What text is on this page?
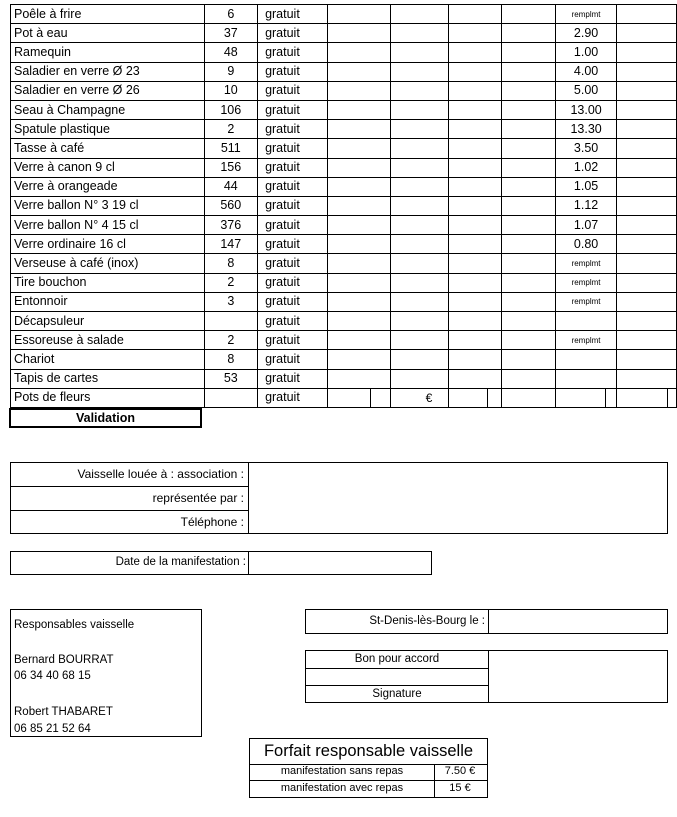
Poêle à frire	6	gratuit					remplmt	
Pot à eau	37	gratuit					2.90	
Ramequin	48	gratuit					1.00	
Saladier en verre Ø 23	9	gratuit					4.00	
Saladier en verre Ø 26	10	gratuit					5.00	
Seau à Champagne	106	gratuit					13.00	
Spatule plastique	2	gratuit					13.30	
Tasse à café	511	gratuit					3.50	
Verre à canon 9 cl	156	gratuit					1.02	
Verre à orangeade	44	gratuit					1.05	
Verre ballon N° 3 19 cl	560	gratuit					1.12	
Verre ballon N° 4 15 cl	376	gratuit					1.07	
Verre ordinaire 16 cl	147	gratuit					0.80	
Verseuse à café (inox)	8	gratuit					remplmt	
Tire bouchon	2	gratuit					remplmt	
Entonnoir	3	gratuit					remplmt	
Décapsuleur		gratuit						
Essoreuse à salade	2	gratuit					remplmt	
Chariot	8	gratuit						
Tapis de cartes	53	gratuit						
Pots de fleurs		gratuit							€
Validation
Vaisselle louée à : association :
représentée par :
Téléphone :
Date de la manifestation :
Responsables vaisselle
Bernard BOURRAT
06 34 40 68 15
Robert THABARET
06 85 21 52 64
St-Denis-lès-Bourg le :
Bon pour accord
Signature
Forfait responsable vaisselle
manifestation sans repas	7.50 €
manifestation avec repas	15 €
